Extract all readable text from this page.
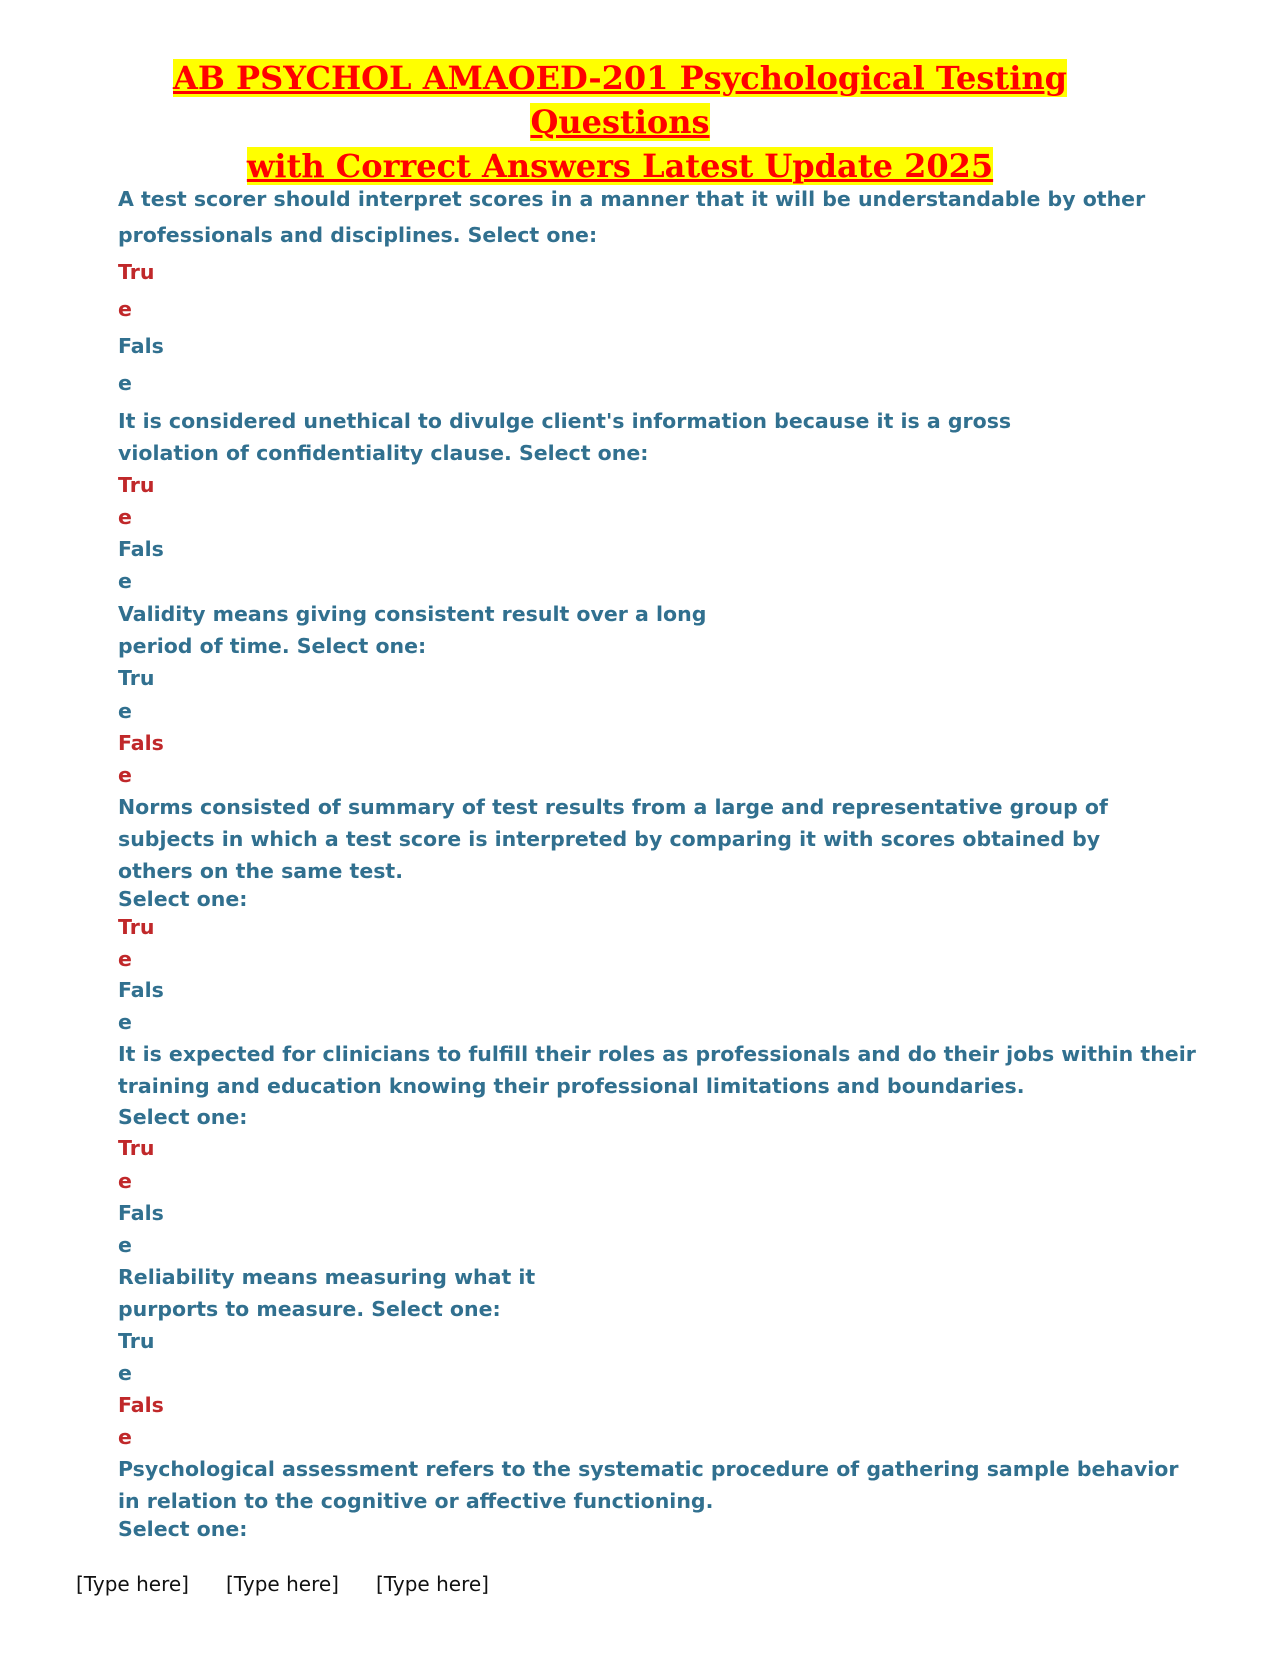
AB PSYCHOL AMAOED-201 Psychological Testing Questions
with Correct Answers Latest Update 2025

A test scorer should interpret scores in a manner that it will be understandable by other

professionals and disciplines. Select one:

Tru

e

Fals

e

It is considered unethical to divulge client's information because it is a gross

violation of confidentiality clause. Select one:

Tru

e

Fals

e

Validity means giving consistent result over a long

period of time. Select one:

Tru

e

Fals

e

Norms consisted of summary of test results from a large and representative group of

subjects in which a test score is interpreted by comparing it with scores obtained by

others on the same test.

Select one:

Tru

e

Fals

e

It is expected for clinicians to fulfill their roles as professionals and do their jobs within their

training and education knowing their professional limitations and boundaries.

Select one:

Tru

e

Fals

e

Reliability means measuring what it

purports to measure. Select one:

Tru

e

Fals

e

Psychological assessment refers to the systematic procedure of gathering sample behavior

in relation to the cognitive or affective functioning.

Select one:

[Type here] [Type here] [Type here]
